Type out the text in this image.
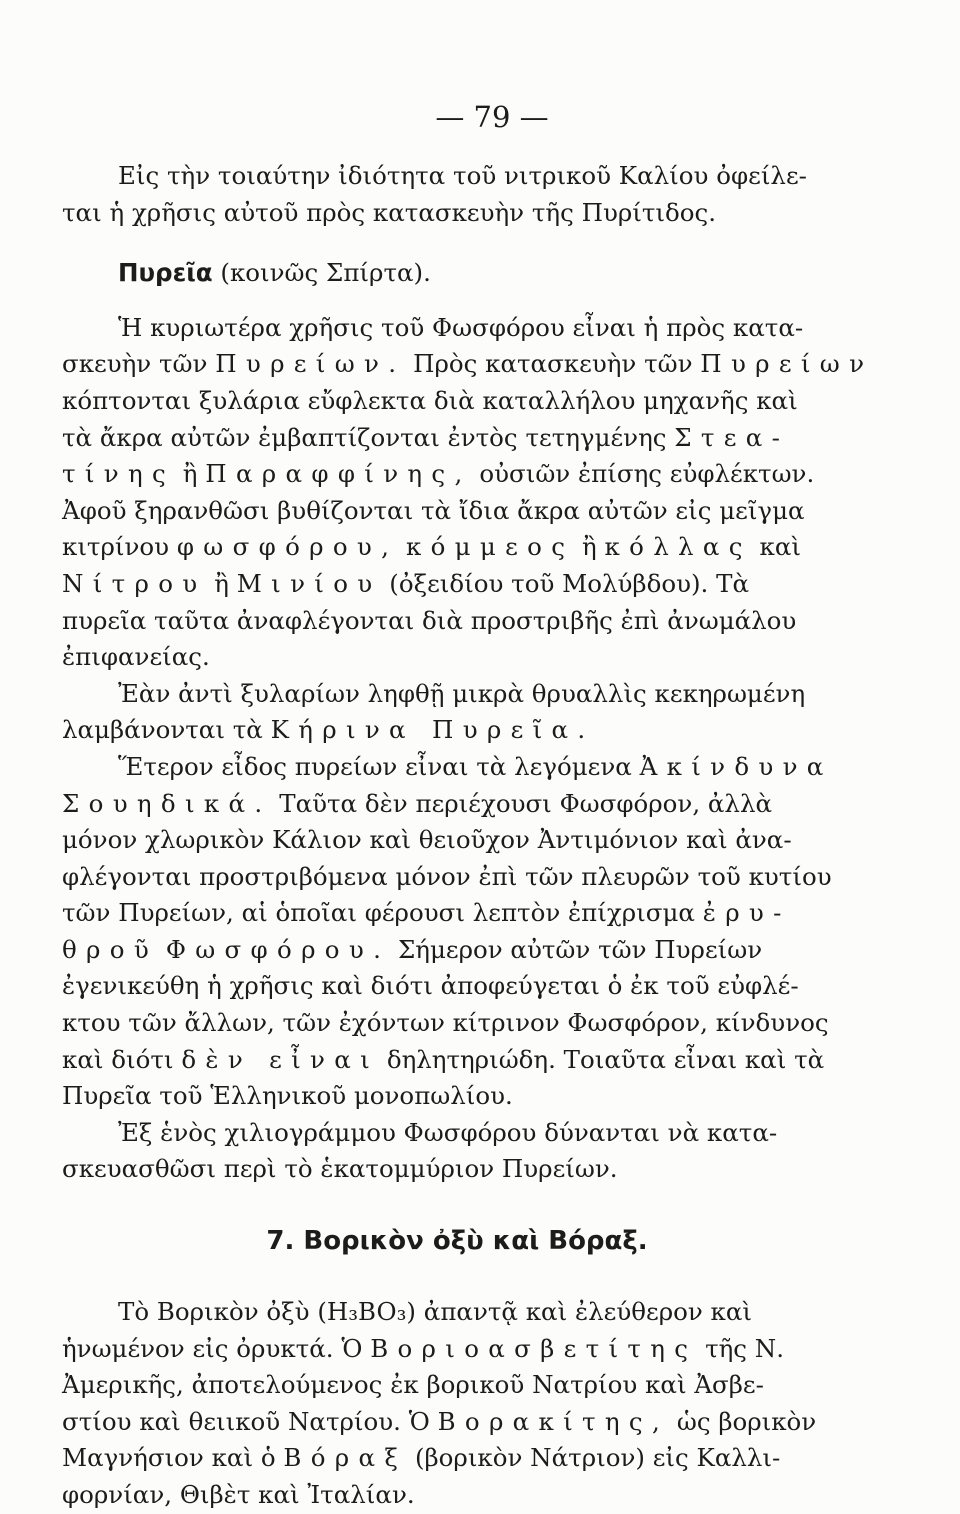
— 79 —

Εἰς τὴν τοιαύτην ἰδιότητα τοῦ νιτρικοῦ Καλίου ὀφείλε-
ται ἡ χρῆσις αὐτοῦ πρὸς κατασκευὴν τῆς Πυρίτιδος.

Πυρεῖα (κοινῶς Σπίρτα).

Ἡ κυριωτέρα χρῆσις τοῦ Φωσφόρου εἶναι ἡ πρὸς κατα-
σκευὴν τῶν Πυρείων. Πρὸς κατασκευὴν τῶν Πυρείων
κόπτονται ξυλάρια εὔφλεκτα διὰ καταλλήλου μηχανῆς καὶ
τὰ ἄκρα αὐτῶν ἐμβαπτίζονται ἐντὸς τετηγμένης Στεα-
τίνης ἢ Παραφφίνης, οὐσιῶν ἐπίσης εὐφλέκτων.
Ἀφοῦ ξηρανθῶσι βυθίζονται τὰ ἴδια ἄκρα αὐτῶν εἰς μεῖγμα
κιτρίνου φωσφόρου, κόμμεος ἢ κόλλας καὶ
Νίτρου ἢ Μινίου (ὀξειδίου τοῦ Μολύβδου). Τὰ
πυρεῖα ταῦτα ἀναφλέγονται διὰ προστριβῆς ἐπὶ ἀνωμάλου
ἐπιφανείας.

Ἐὰν ἀντὶ ξυλαρίων ληφθῇ μικρὰ θρυαλλὶς κεκηρωμένη
λαμβάνονται τὰ Κήρινα Πυρεῖα.

Ἕτερον εἶδος πυρείων εἶναι τὰ λεγόμενα Ἀκίνδυνα
Σουηδικά. Ταῦτα δὲν περιέχουσι Φωσφόρον, ἀλλὰ
μόνον χλωρικὸν Κάλιον καὶ θειοῦχον Ἀντιμόνιον καὶ ἀνα-
φλέγονται προστριβόμενα μόνον ἐπὶ τῶν πλευρῶν τοῦ κυτίου
τῶν Πυρείων, αἱ ὁποῖαι φέρουσι λεπτὸν ἐπίχρισμα ἐρυ-
θροῦ Φωσφόρου. Σήμερον αὐτῶν τῶν Πυρείων
ἐγενικεύθη ἡ χρῆσις καὶ διότι ἀποφεύγεται ὁ ἐκ τοῦ εὐφλέ-
κτου τῶν ἄλλων, τῶν ἐχόντων κίτρινον Φωσφόρον, κίνδυνος
καὶ διότι δὲν εἶναι δηλητηριώδη. Τοιαῦτα εἶναι καὶ τὰ
Πυρεῖα τοῦ Ἑλληνικοῦ μονοπωλίου.

Ἐξ ἑνὸς χιλιογράμμου Φωσφόρου δύνανται νὰ κατα-
σκευασθῶσι περὶ τὸ ἑκατομμύριον Πυρείων.

7. Βορικὸν ὀξὺ καὶ Βόραξ.

Τὸ Βορικὸν ὀξὺ (H₃BO₃) ἀπαντᾷ καὶ ἐλεύθερον καὶ
ἡνωμένον εἰς ὀρυκτά. Ὁ Βοριοασβετίτης τῆς Ν.
Ἀμερικῆς, ἀποτελούμενος ἐκ βορικοῦ Νατρίου καὶ Ἀσβε-
στίου καὶ θειικοῦ Νατρίου. Ὁ Βορακίτης, ὡς βορικὸν
Μαγνήσιον καὶ ὁ Βόραξ (βορικὸν Νάτριον) εἰς Καλλι-
φορνίαν, Θιβὲτ καὶ Ἰταλίαν.
